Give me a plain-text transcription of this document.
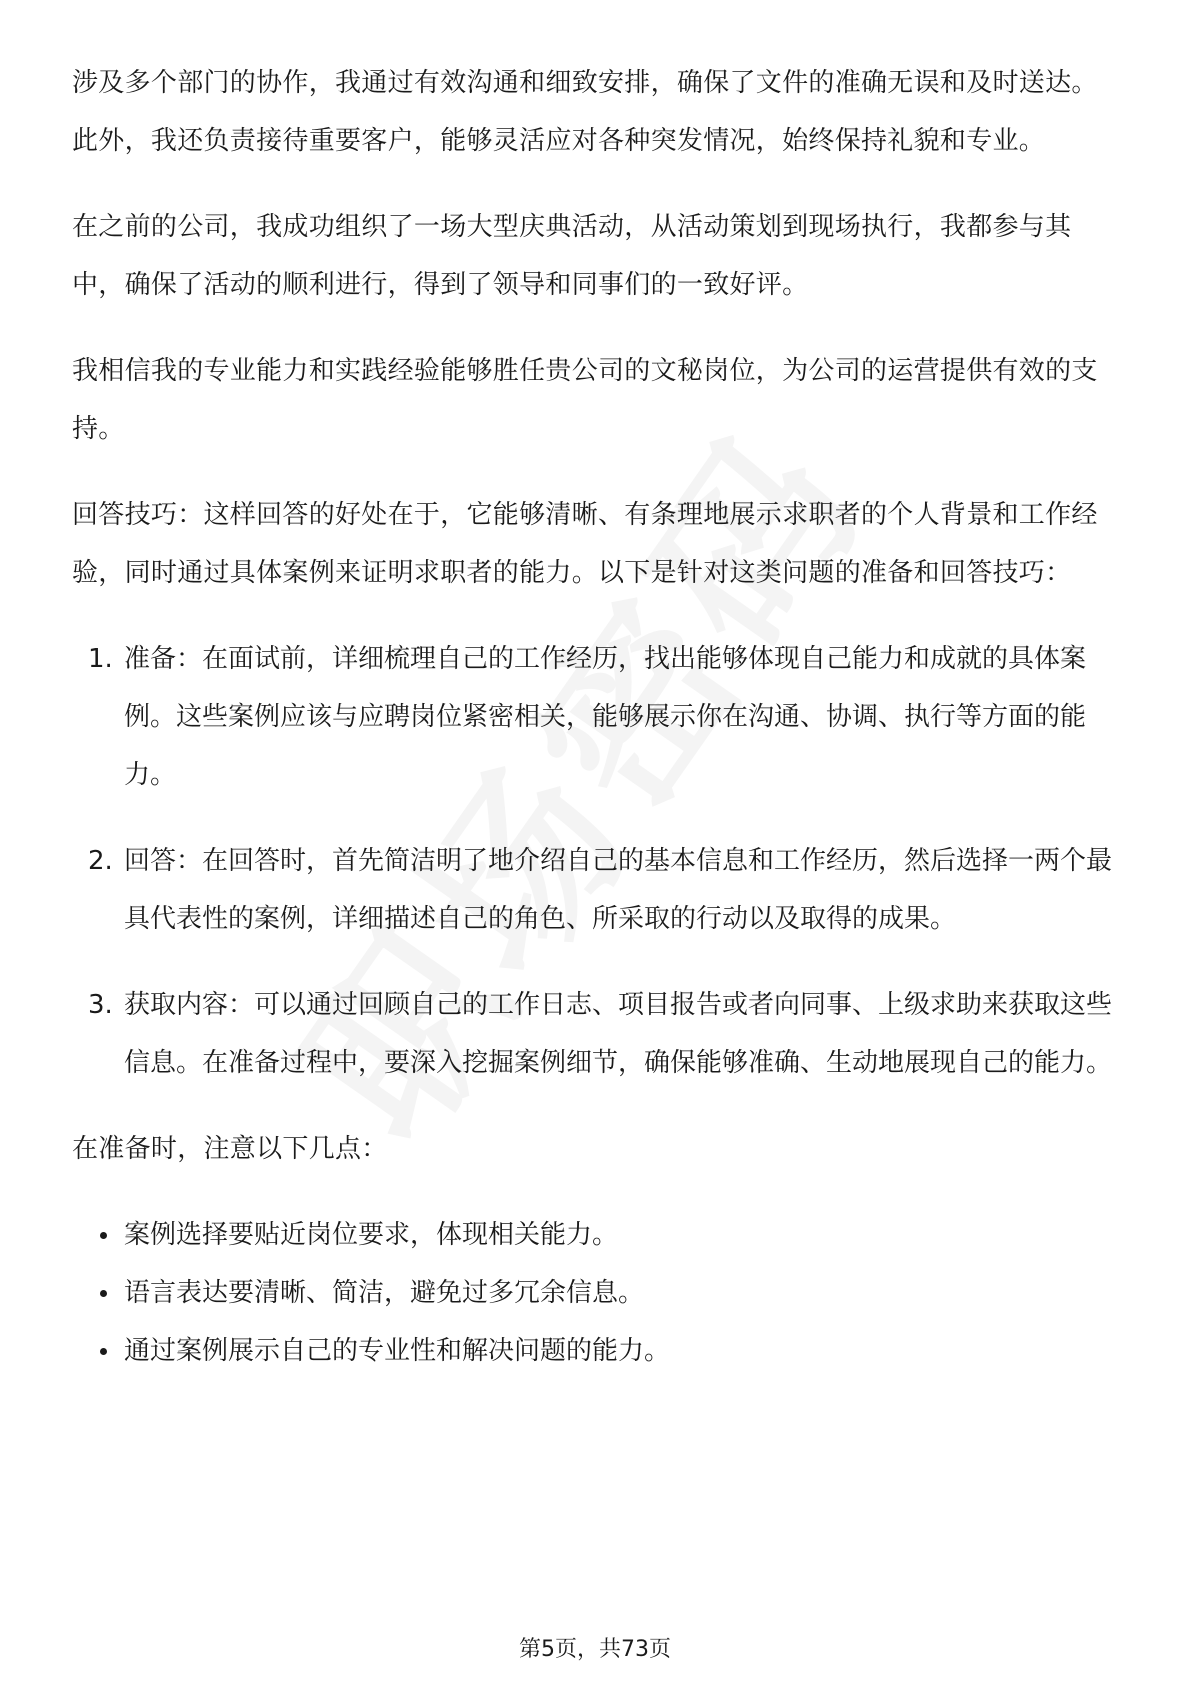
涉及多个部门的协作，我通过有效沟通和细致安排，确保了文件的准确无误和及时送达。此外，我还负责接待重要客户，能够灵活应对各种突发情况，始终保持礼貌和专业。

在之前的公司，我成功组织了一场大型庆典活动，从活动策划到现场执行，我都参与其中，确保了活动的顺利进行，得到了领导和同事们的一致好评。

我相信我的专业能力和实践经验能够胜任贵公司的文秘岗位，为公司的运营提供有效的支持。

回答技巧：这样回答的好处在于，它能够清晰、有条理地展示求职者的个人背景和工作经验，同时通过具体案例来证明求职者的能力。以下是针对这类问题的准备和回答技巧：

1. 准备：在面试前，详细梳理自己的工作经历，找出能够体现自己能力和成就的具体案例。这些案例应该与应聘岗位紧密相关，能够展示你在沟通、协调、执行等方面的能力。
2. 回答：在回答时，首先简洁明了地介绍自己的基本信息和工作经历，然后选择一两个最具代表性的案例，详细描述自己的角色、所采取的行动以及取得的成果。
3. 获取内容：可以通过回顾自己的工作日志、项目报告或者向同事、上级求助来获取这些信息。在准备过程中，要深入挖掘案例细节，确保能够准确、生动地展现自己的能力。

在准备时，注意以下几点：

案例选择要贴近岗位要求，体现相关能力。
语言表达要清晰、简洁，避免过多冗余信息。
通过案例展示自己的专业性和解决问题的能力。
第5页，共73页
